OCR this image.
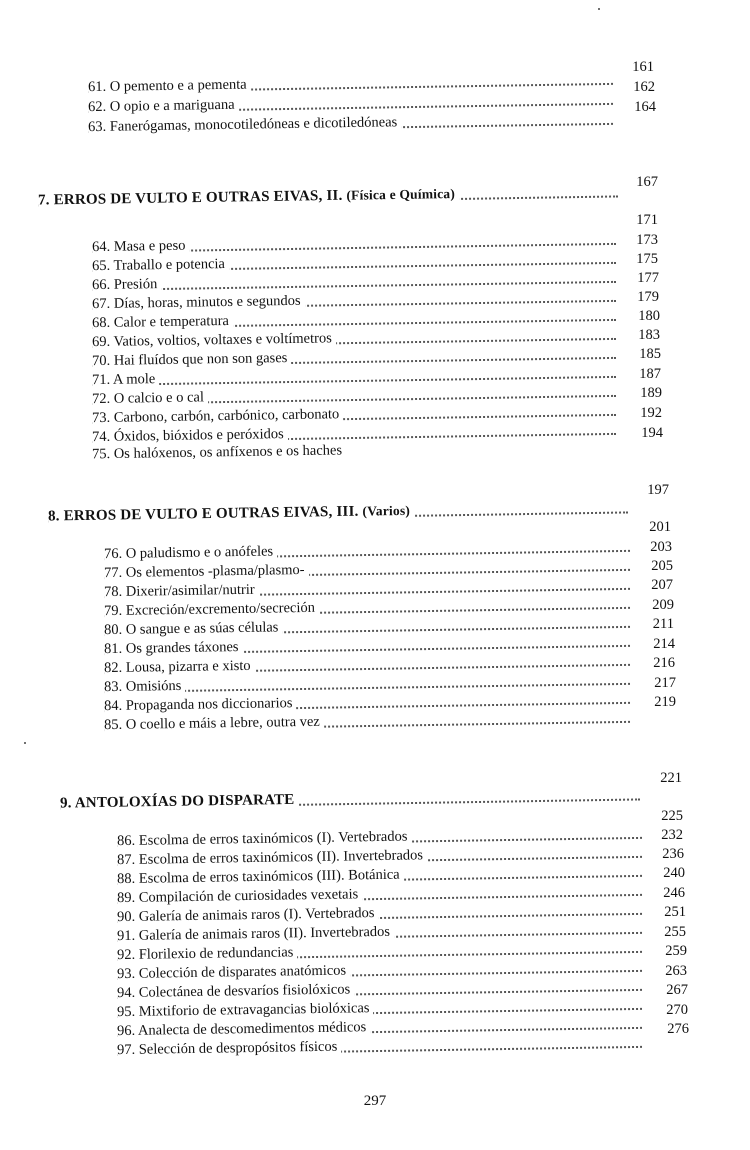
61. O pemento e a pementa
62. O opio e a mariguana
63. Fanerógamas, monocotiledóneas e dicotiledóneas
161
162
164
7. ERROS DE VULTO E OUTRAS EIVAS, II. (Física e Química)
167
64. Masa e peso
65. Traballo e potencia
66. Presión
67. Días, horas, minutos e segundos
68. Calor e temperatura
69. Vatios, voltios, voltaxes e voltímetros
70. Hai fluídos que non son gases
71. A mole
72. O calcio e o cal
73. Carbono, carbón, carbónico, carbonato
74. Óxidos, bióxidos e peróxidos
75. Os halóxenos, os anfíxenos e os haches
171
173
175
177
179
180
183
185
187
189
192
194
8. ERROS DE VULTO E OUTRAS EIVAS, III. (Varios)
197
76. O paludismo e o anófeles
77. Os elementos -plasma/plasmo-
78. Dixerir/asimilar/nutrir
79. Excreción/excremento/secreción
80. O sangue e as súas células
81. Os grandes táxones
82. Lousa, pizarra e xisto
83. Omisións
84. Propaganda nos diccionarios
85. O coello e máis a lebre, outra vez
201
203
205
207
209
211
214
216
217
219
9. ANTOLOXÍAS DO DISPARATE
221
86. Escolma de erros taxinómicos (I). Vertebrados
87. Escolma de erros taxinómicos (II). Invertebrados
88. Escolma de erros taxinómicos (III). Botánica
89. Compilación de curiosidades vexetais
90. Galería de animais raros (I). Vertebrados
91. Galería de animais raros (II). Invertebrados
92. Florilexio de redundancias
93. Colección de disparates anatómicos
94. Colectánea de desvaríos fisiolóxicos
95. Mixtiforio de extravagancias biolóxicas
96. Analecta de descomedimentos médicos
97. Selección de despropósitos físicos
225
232
236
240
246
251
255
259
263
267
270
276
297
